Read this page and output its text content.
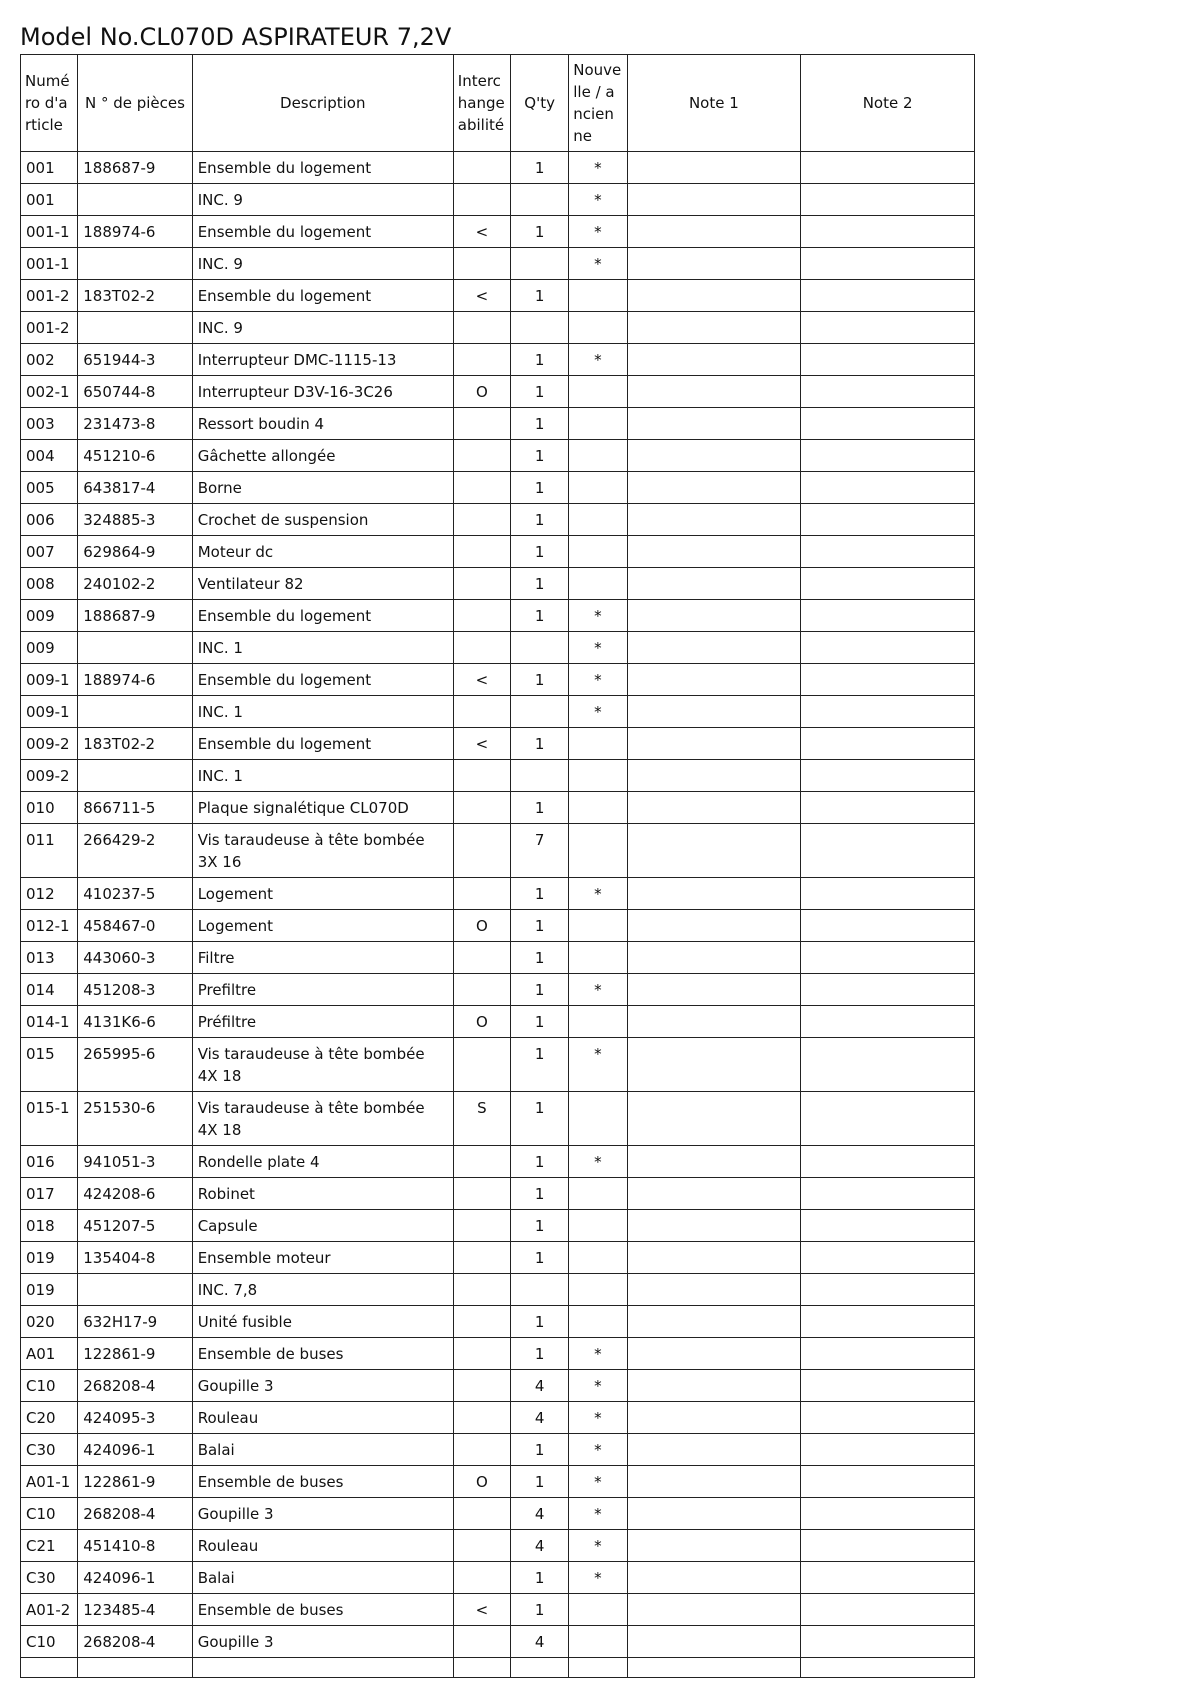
Model No.CL070D ASPIRATEUR 7,2V
Numéro d'article	N ° de pièces	Description	Interchangeabilité	Q'ty	Nouvelle / ancienne	Note 1	Note 2
001	188687-9	Ensemble du logement		1	*		
001		INC. 9			*		
001-1	188974-6	Ensemble du logement	<	1	*		
001-1		INC. 9			*		
001-2	183T02-2	Ensemble du logement	<	1			
001-2		INC. 9					
002	651944-3	Interrupteur DMC-1115-13		1	*		
002-1	650744-8	Interrupteur D3V-16-3C26	O	1			
003	231473-8	Ressort boudin 4		1			
004	451210-6	Gâchette allongée		1			
005	643817-4	Borne		1			
006	324885-3	Crochet de suspension		1			
007	629864-9	Moteur dc		1			
008	240102-2	Ventilateur 82		1			
009	188687-9	Ensemble du logement		1	*		
009		INC. 1			*		
009-1	188974-6	Ensemble du logement	<	1	*		
009-1		INC. 1			*		
009-2	183T02-2	Ensemble du logement	<	1			
009-2		INC. 1					
010	866711-5	Plaque signalétique CL070D		1			
011	266429-2	Vis taraudeuse à tête bombée 3X 16		7			
012	410237-5	Logement		1	*		
012-1	458467-0	Logement	O	1			
013	443060-3	Filtre		1			
014	451208-3	Prefiltre		1	*		
014-1	4131K6-6	Préfiltre	O	1			
015	265995-6	Vis taraudeuse à tête bombée 4X 18		1	*		
015-1	251530-6	Vis taraudeuse à tête bombée 4X 18	S	1			
016	941051-3	Rondelle plate 4		1	*		
017	424208-6	Robinet		1			
018	451207-5	Capsule		1			
019	135404-8	Ensemble moteur		1			
019		INC. 7,8					
020	632H17-9	Unité fusible		1			
A01	122861-9	Ensemble de buses		1	*		
C10	268208-4	Goupille 3		4	*		
C20	424095-3	Rouleau		4	*		
C30	424096-1	Balai		1	*		
A01-1	122861-9	Ensemble de buses	O	1	*		
C10	268208-4	Goupille 3		4	*		
C21	451410-8	Rouleau		4	*		
C30	424096-1	Balai		1	*		
A01-2	123485-4	Ensemble de buses	<	1			
C10	268208-4	Goupille 3		4			
